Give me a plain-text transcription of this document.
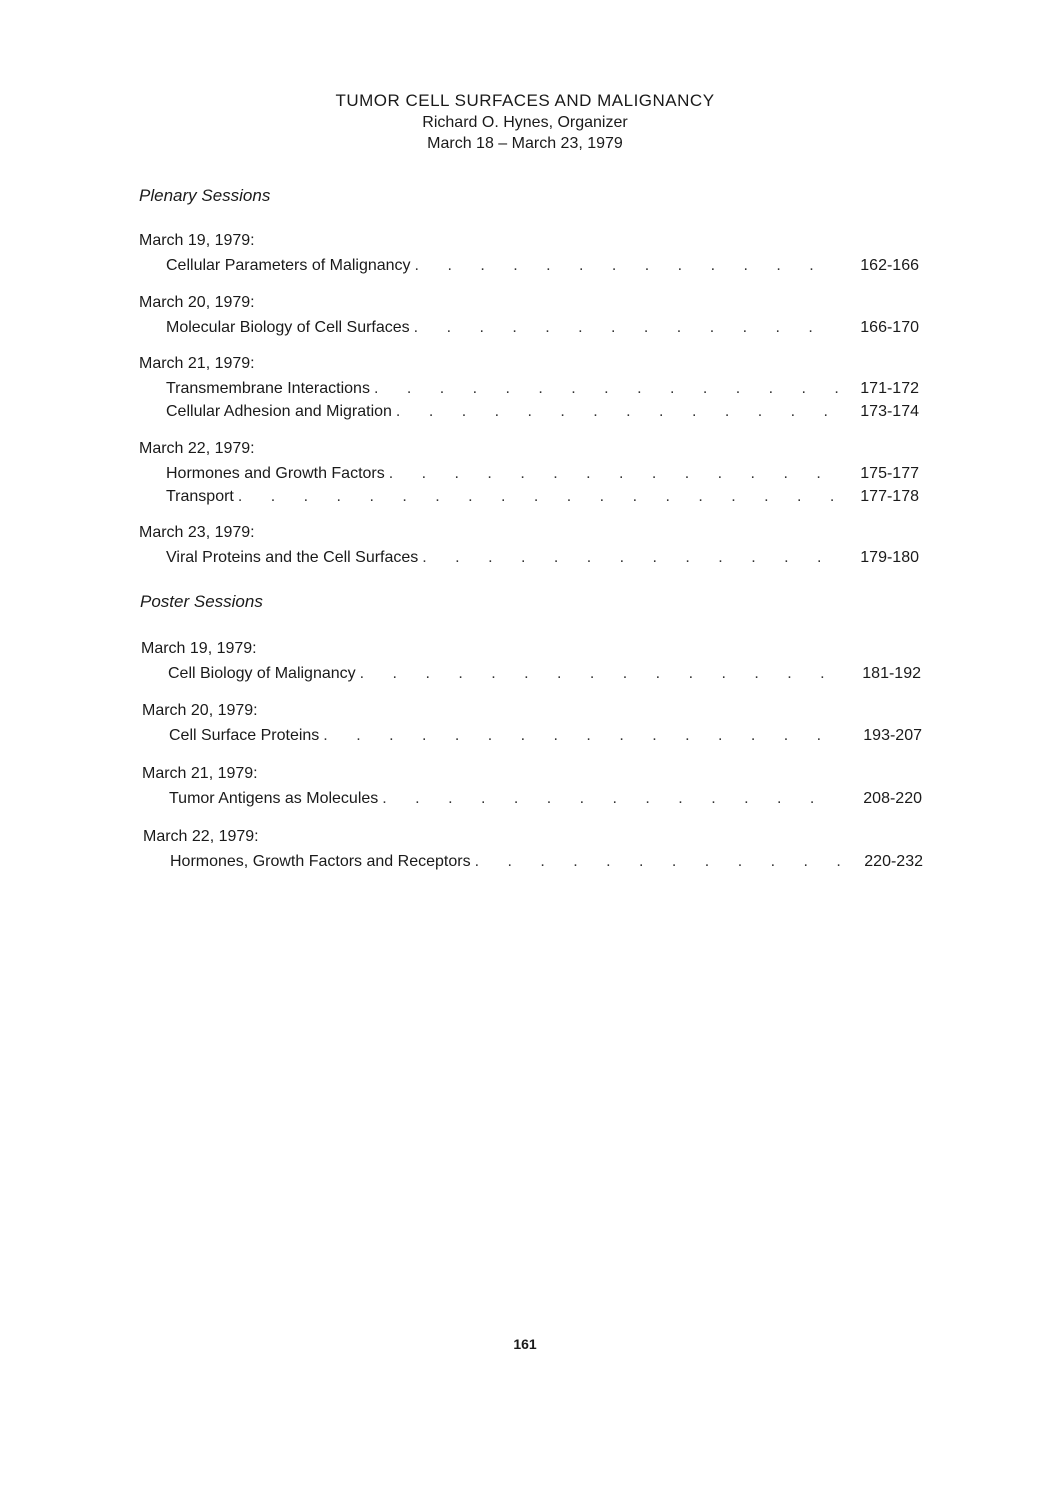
TUMOR CELL SURFACES AND MALIGNANCY
Richard O. Hynes, Organizer
March 18 – March 23, 1979
Plenary Sessions
March 19, 1979:
Cellular Parameters of Malignancy . . .	162-166
March 20, 1979:
Molecular Biology of Cell Surfaces . . .	166-170
March 21, 1979:
Transmembrane Interactions . . .	171-172
Cellular Adhesion and Migration . . .	173-174
March 22, 1979:
Hormones and Growth Factors . . .	175-177
Transport . . .	177-178
March 23, 1979:
Viral Proteins and the Cell Surfaces . . .	179-180
Poster Sessions
March 19, 1979:
Cell Biology of Malignancy . . .	181-192
March 20, 1979:
Cell Surface Proteins . . .	193-207
March 21, 1979:
Tumor Antigens as Molecules . . .	208-220
March 22, 1979:
Hormones, Growth Factors and Receptors . . .	220-232
161
